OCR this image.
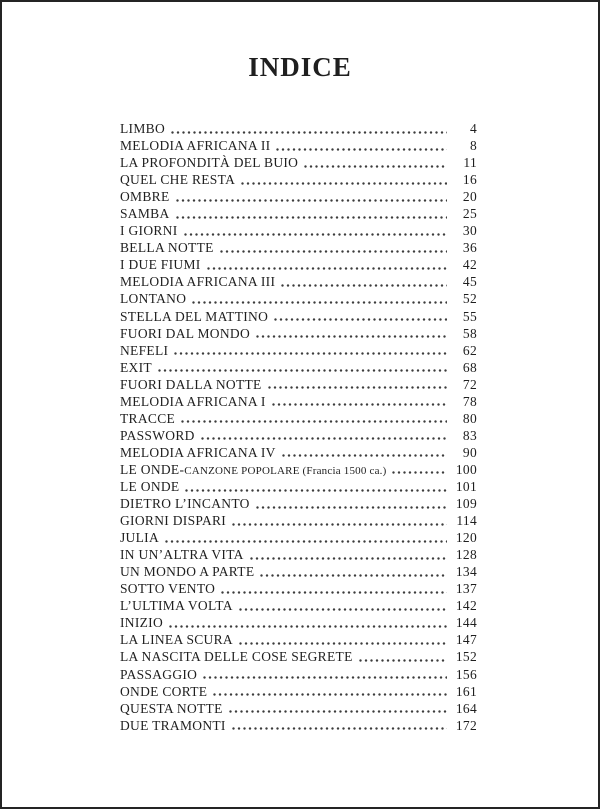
INDICE
LIMBO	4
MELODIA AFRICANA II	8
LA PROFONDITÀ DEL BUIO	11
QUEL CHE RESTA	16
OMBRE	20
SAMBA	25
I GIORNI	30
BELLA NOTTE	36
I DUE FIUMI	42
MELODIA AFRICANA III	45
LONTANO	52
STELLA DEL MATTINO	55
FUORI DAL MONDO	58
NEFELI	62
EXIT	68
FUORI DALLA NOTTE	72
MELODIA AFRICANA I	78
TRACCE	80
PASSWORD	83
MELODIA AFRICANA IV	90
LE ONDE - CANZONE POPOLARE (Francia 1500 ca.)	100
LE ONDE	101
DIETRO L’INCANTO	109
GIORNI DISPARI	114
JULIA	120
IN UN’ALTRA VITA	128
UN MONDO A PARTE	134
SOTTO VENTO	137
L’ULTIMA VOLTA	142
INIZIO	144
LA LINEA SCURA	147
LA NASCITA DELLE COSE SEGRETE	152
PASSAGGIO	156
ONDE CORTE	161
QUESTA NOTTE	164
DUE TRAMONTI	172
